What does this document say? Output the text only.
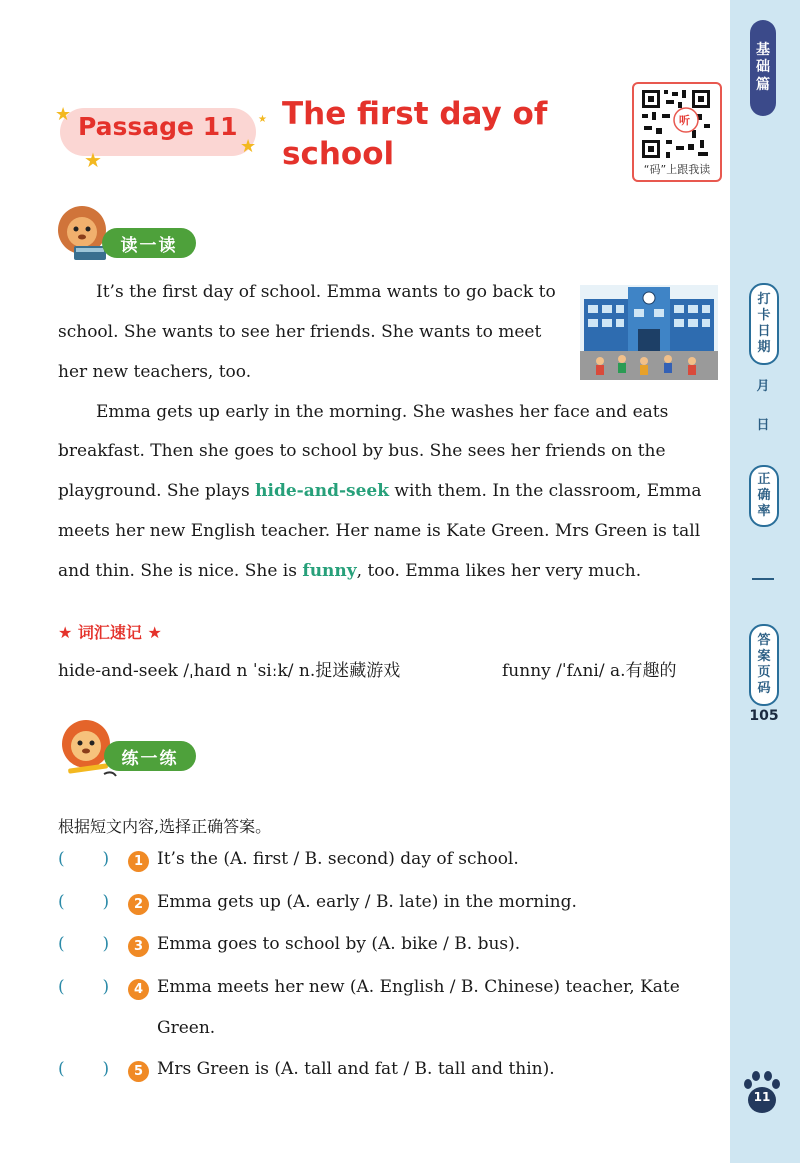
基
础
篇
打
卡
日
期
月
日
正
确
率
答
案
页
码
105
11
Passage 11
★
★
★
★ The first day of
school
听
“码”上跟我读
读一读
It’s the first day of school. Emma wants to go back to
school. She wants to see her friends. She wants to meet
her new teachers, too.
Emma gets up early in the morning. She washes her face and eats
breakfast. Then she goes to school by bus. She sees her friends on the
playground. She plays hide-and-seek with them. In the classroom, Emma
meets her new English teacher. Her name is Kate Green. Mrs Green is tall
and thin. She is nice. She is funny, too. Emma likes her very much.
★ 词汇速记 ★
hide-and-seek /ˌhaɪd n ˈsiːk/ n.捉迷藏游戏	funny /ˈfʌni/ a.有趣的
练一练
根据短文内容,选择正确答案。
(       )	1 It’s the (A. first / B. second) day of school.
(       )	2 Emma gets up (A. early / B. late) in the morning.
(       )	3 Emma goes to school by (A. bike / B. bus).
(       )	4 Emma meets her new (A. English / B. Chinese) teacher, Kate
Green.
(       )	5 Mrs Green is (A. tall and fat / B. tall and thin).
